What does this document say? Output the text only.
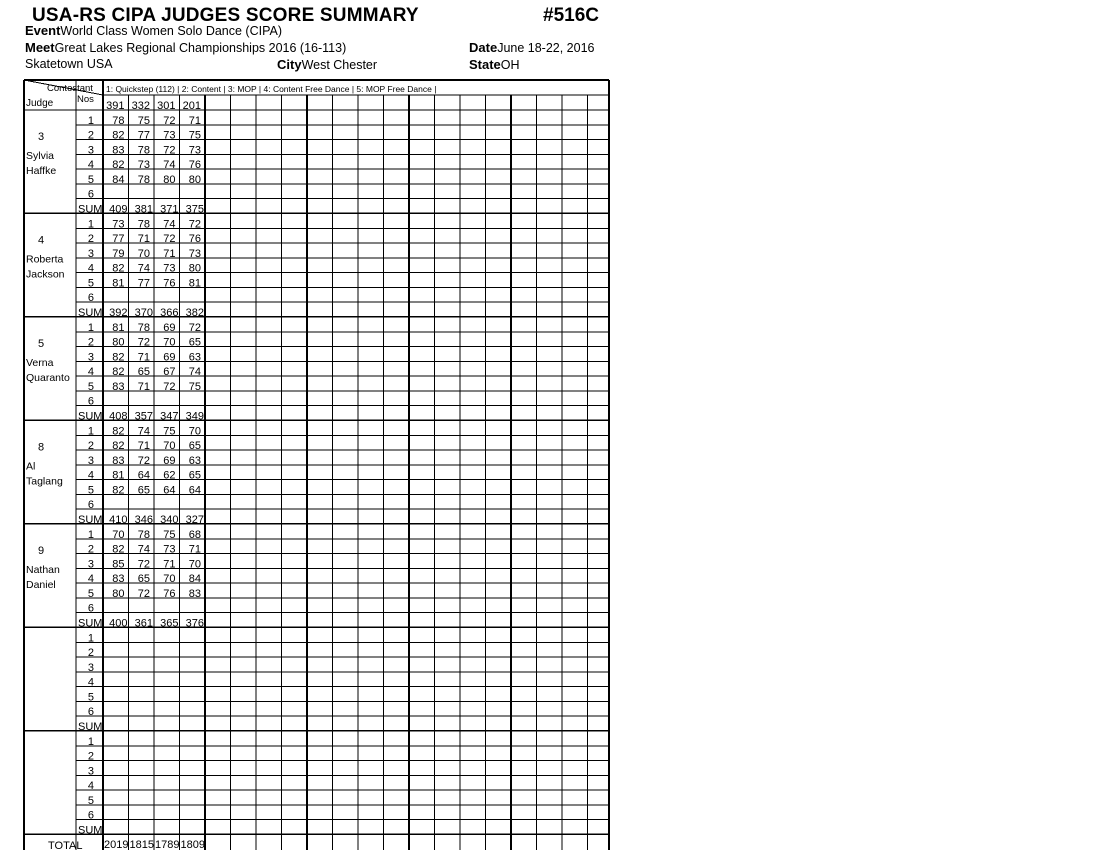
USA-RS CIPA JUDGES SCORE SUMMARY	#516C
EventWorld Class Women Solo Dance (CIPA)
MeetGreat Lakes Regional Championships 2016 (16-113)	DateJune 18-22, 2016
Skatetown USA	CityWest Chester	StateOH
Contestant
Nos
Judge
1: Quickstep (112) | 2: Content | 3: MOP | 4: Content Free Dance | 5: MOP Free Dance |
391 332 301 201
3
Sylvia
Haffke
1 78 75 72 71
2 82 77 73 75
3 83 78 72 73
4 82 73 74 76
5 84 78 80 80
6
SUM 409 381 371 375
4
Roberta
Jackson
1 73 78 74 72
2 77 71 72 76
3 79 70 71 73
4 82 74 73 80
5 81 77 76 81
6
SUM 392 370 366 382
5
Verna
Quaranto
1 81 78 69 72
2 80 72 70 65
3 82 71 69 63
4 82 65 67 74
5 83 71 72 75
6
SUM 408 357 347 349
8
Al
Taglang
1 82 74 75 70
2 82 71 70 65
3 83 72 69 63
4 81 64 62 65
5 82 65 64 64
6
SUM 410 346 340 327
9
Nathan
Daniel
1 70 78 75 68
2 82 74 73 71
3 85 72 71 70
4 83 65 70 84
5 80 72 76 83
6
SUM 400 361 365 376
1
2
3
4
5
6
SUM
1
2
3
4
5
6
SUM
TOTAL 2019 1815 1789 1809
